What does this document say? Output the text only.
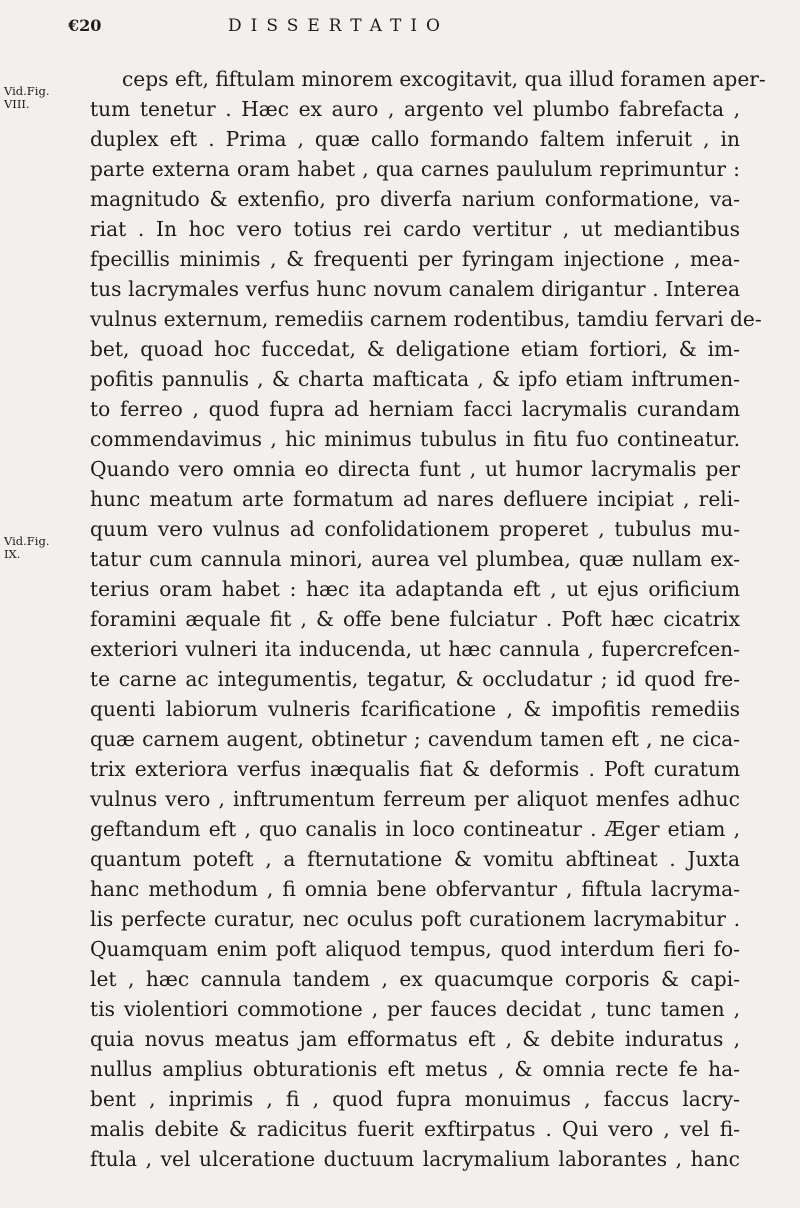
€20	DISSERTATIO
Vid.Fig.
VIII.
Vid.Fig.
IX.
ceps eft, fiftulam minorem excogitavit, qua illud foramen aper-
tum tenetur . Hæc ex auro , argento vel plumbo fabrefacta ,
duplex eft . Prima , quæ callo formando faltem inferuit , in
parte externa oram habet , qua carnes paululum reprimuntur :
magnitudo & extenfio, pro diverfa narium conformatione, va-
riat . In hoc vero totius rei cardo vertitur , ut mediantibus
fpecillis minimis , & frequenti per fyringam injectione , mea-
tus lacrymales verfus hunc novum canalem dirigantur . Interea
vulnus externum, remediis carnem rodentibus, tamdiu fervari de-
bet, quoad hoc fuccedat, & deligatione etiam fortiori, & im-
pofitis pannulis , & charta mafticata , & ipfo etiam inftrumen-
to ferreo , quod fupra ad herniam facci lacrymalis curandam
commendavimus , hic minimus tubulus in fitu fuo contineatur.
Quando vero omnia eo directa funt , ut humor lacrymalis per
hunc meatum arte formatum ad nares defluere incipiat , reli-
quum vero vulnus ad confolidationem properet , tubulus mu-
tatur cum cannula minori, aurea vel plumbea, quæ nullam ex-
terius oram habet : hæc ita adaptanda eft , ut ejus orificium
foramini æquale fit , & offe bene fulciatur . Poft hæc cicatrix
exteriori vulneri ita inducenda, ut hæc cannula , fupercrefcen-
te carne ac integumentis, tegatur, & occludatur ; id quod fre-
quenti labiorum vulneris fcarificatione , & impofitis remediis
quæ carnem augent, obtinetur ; cavendum tamen eft , ne cica-
trix exteriora verfus inæqualis fiat & deformis . Poft curatum
vulnus vero , inftrumentum ferreum per aliquot menfes adhuc
geftandum eft , quo canalis in loco contineatur . Æger etiam ,
quantum poteft , a fternutatione & vomitu abftineat . Juxta
hanc methodum , fi omnia bene obfervantur , fiftula lacryma-
lis perfecte curatur, nec oculus poft curationem lacrymabitur .
Quamquam enim poft aliquod tempus, quod interdum fieri fo-
let , hæc cannula tandem , ex quacumque corporis & capi-
tis violentiori commotione , per fauces decidat , tunc tamen ,
quia novus meatus jam efformatus eft , & debite induratus ,
nullus amplius obturationis eft metus , & omnia recte fe ha-
bent , inprimis , fi , quod fupra monuimus , faccus lacry-
malis debite & radicitus fuerit exftirpatus . Qui vero , vel fi-
ftula , vel ulceratione ductuum lacrymalium laborantes , hanc
